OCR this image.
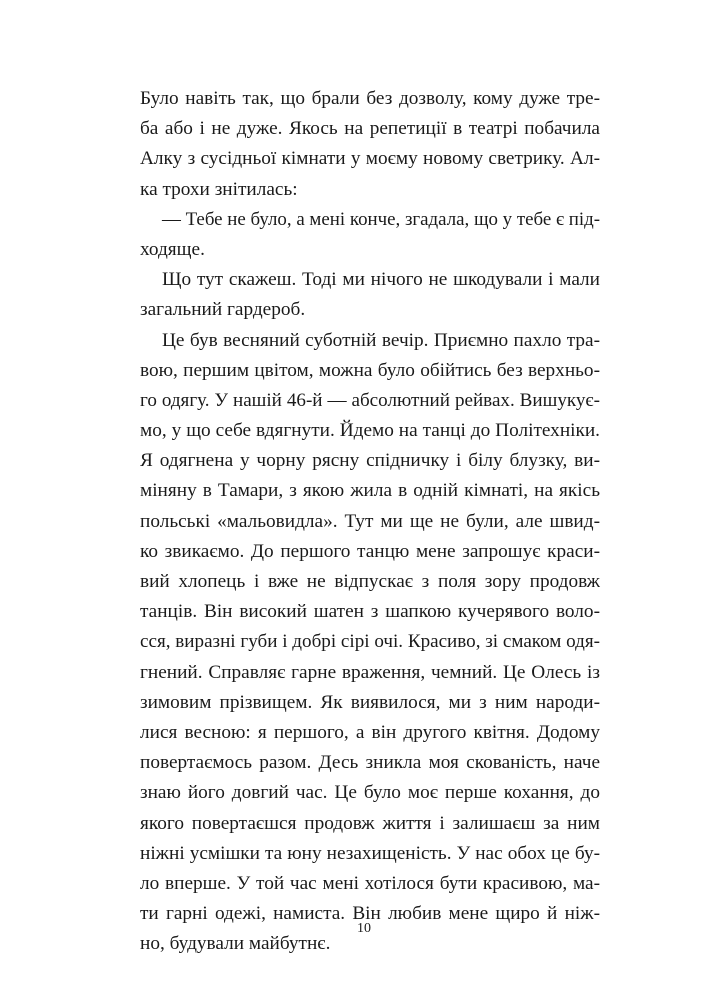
Було навіть так, що брали без дозволу, кому дуже тре-
ба або і не дуже. Якось на репетиції в театрі побачила
Алку з сусідньої кімнати у моєму новому светрику. Ал-
ка трохи знітилась:
— Тебе не було, а мені конче, згадала, що у тебе є під-
ходяще.
Що тут скажеш. Тоді ми нічого не шкодували і мали
загальний гардероб.
Це був весняний суботній вечір. Приємно пахло тра-
вою, першим цвітом, можна було обійтись без верхньо-
го одягу. У нашій 46-й — абсолютний рейвах. Вишукує-
мо, у що себе вдягнути. Йдемо на танці до Політехніки.
Я одягнена у чорну рясну спідничку і білу блузку, ви-
міняну в Тамари, з якою жила в одній кімнаті, на якісь
польські «мальовидла». Тут ми ще не були, але швид-
ко звикаємо. До першого танцю мене запрошує краси-
вий хлопець і вже не відпускає з поля зору продовж
танців. Він високий шатен з шапкою кучерявого воло-
сся, виразні губи і добрі сірі очі. Красиво, зі смаком одя-
гнений. Справляє гарне враження, чемний. Це Олесь із
зимовим прізвищем. Як виявилося, ми з ним народи-
лися весною: я першого, а він другого квітня. Додому
повертаємось разом. Десь зникла моя скованість, наче
знаю його довгий час. Це було моє перше кохання, до
якого повертаєшся продовж життя і залишаєш за ним
ніжні усмішки та юну незахищеність. У нас обох це бу-
ло вперше. У той час мені хотілося бути красивою, ма-
ти гарні одежі, намиста. Він любив мене щиро й ніж-
но, будували майбутнє.
10
